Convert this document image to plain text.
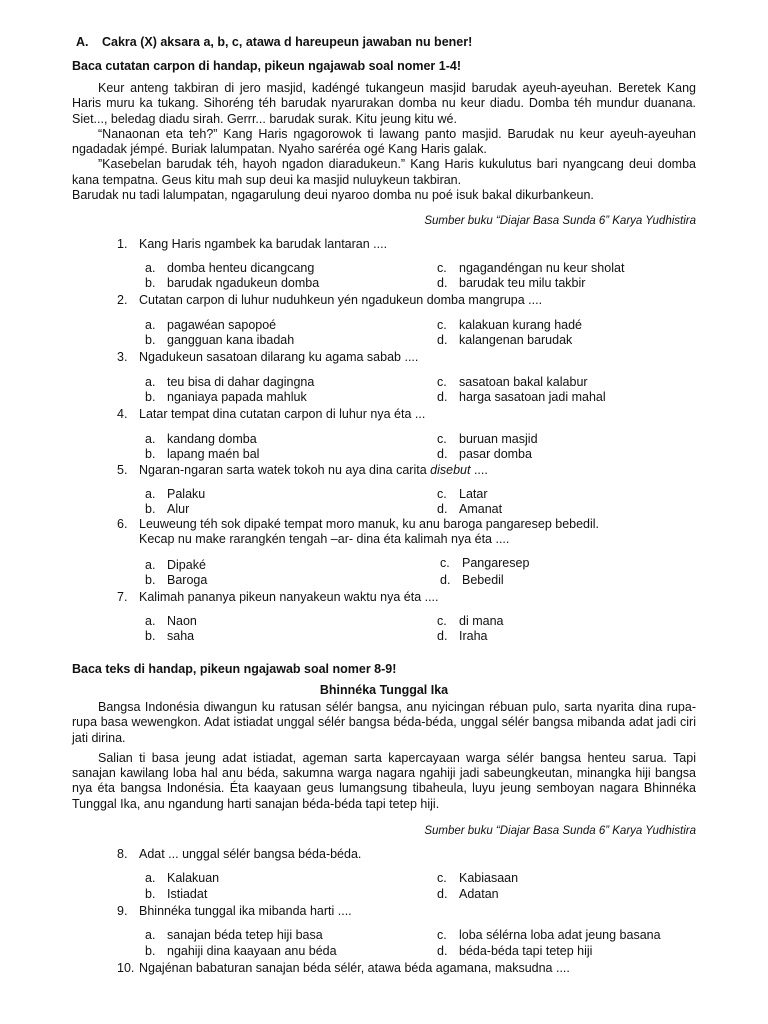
A. Cakra (X) aksara a, b, c, atawa d hareupeun jawaban nu bener!
Baca cutatan carpon di handap, pikeun ngajawab soal nomer 1-4!

Keur anteng takbiran di jero masjid, kadéngé tukangeun masjid barudak ayeuh-ayeuhan. Beretek Kang Haris muru ka tukang. Sihoréng téh barudak nyarurakan domba nu keur diadu. Domba téh mundur duanana. Siet..., beledag diadu sirah. Gerrr... barudak surak. Kitu jeung kitu wé.

“Nanaonan eta teh?” Kang Haris ngagorowok ti lawang panto masjid. Barudak nu keur ayeuh-ayeuhan ngadadak jémpé. Buriak lalumpatan. Nyaho saréréa ogé Kang Haris galak.

”Kasebelan barudak téh, hayoh ngadon diaradukeun.” Kang Haris kukulutus bari nyangcang deui domba kana tempatna. Geus kitu mah sup deui ka masjid nuluykeun takbiran.

Barudak nu tadi lalumpatan, ngagarulung deui nyaroo domba nu poé isuk bakal dikurbankeun.

Sumber buku “Diajar Basa Sunda 6” Karya Yudhistira
1. Kang Haris ngambek ka barudak lantaran ....
a. domba henteu dicangcang
b. barudak ngadukeun domba
c. ngagandéngan nu keur sholat
d. barudak teu milu takbir
2. Cutatan carpon di luhur nuduhkeun yén ngadukeun domba mangrupa ....
a. pagawéan sapopoé
b. gangguan kana ibadah
c. kalakuan kurang hadé
d. kalangenan barudak
3. Ngadukeun sasatoan dilarang ku agama sabab ....
a. teu bisa di dahar dagingna
b. nganiaya papada mahluk
c. sasatoan bakal kalabur
d. harga sasatoan jadi mahal
4. Latar tempat dina cutatan carpon di luhur nya éta ...
a. kandang domba
b. lapang maén bal
c. buruan masjid
d. pasar domba
5. Ngaran-ngaran sarta watek tokoh nu aya dina carita disebut ....
a. Palaku
b. Alur
c. Latar
d. Amanat
6. Leuweung téh sok dipaké tempat moro manuk, ku anu baroga pangaresep bebedil.
Kecap nu make rarangkén tengah –ar- dina éta kalimah nya éta ....
a. Dipaké
b. Baroga
c. Pangaresep
d. Bebedil
7. Kalimah pananya pikeun nanyakeun waktu nya éta ....
a. Naon
b. saha
c. di mana
d. Iraha
Baca teks di handap, pikeun ngajawab soal nomer 8-9!
Bhinnéka Tunggal Ika

Bangsa Indonésia diwangun ku ratusan sélér bangsa, anu nyicingan rébuan pulo, sarta nyarita dina rupa-rupa basa wewengkon. Adat istiadat unggal sélér bangsa béda-béda, unggal sélér bangsa mibanda adat jadi ciri jati dirina.

Salian ti basa jeung adat istiadat, ageman sarta kapercayaan warga sélér bangsa henteu sarua. Tapi sanajan kawilang loba hal anu béda, sakumna warga nagara ngahiji jadi sabeungkeutan, minangka hiji bangsa nya éta bangsa Indonésia. Éta kaayaan geus lumangsung tibaheula, luyu jeung semboyan nagara Bhinnéka Tunggal Ika, anu ngandung harti sanajan béda-béda tapi tetep hiji.

Sumber buku “Diajar Basa Sunda 6” Karya Yudhistira
8. Adat ... unggal sélér bangsa béda-béda.
a. Kalakuan
b. Istiadat
c. Kabiasaan
d. Adatan
9. Bhinnéka tunggal ika mibanda harti ....
a. sanajan béda tetep hiji basa
b. ngahiji dina kaayaan anu béda
c. loba sélérna loba adat jeung basana
d. béda-béda tapi tetep hiji
10. Ngajénan babaturan sanajan béda sélér, atawa béda agamana, maksudna ....
